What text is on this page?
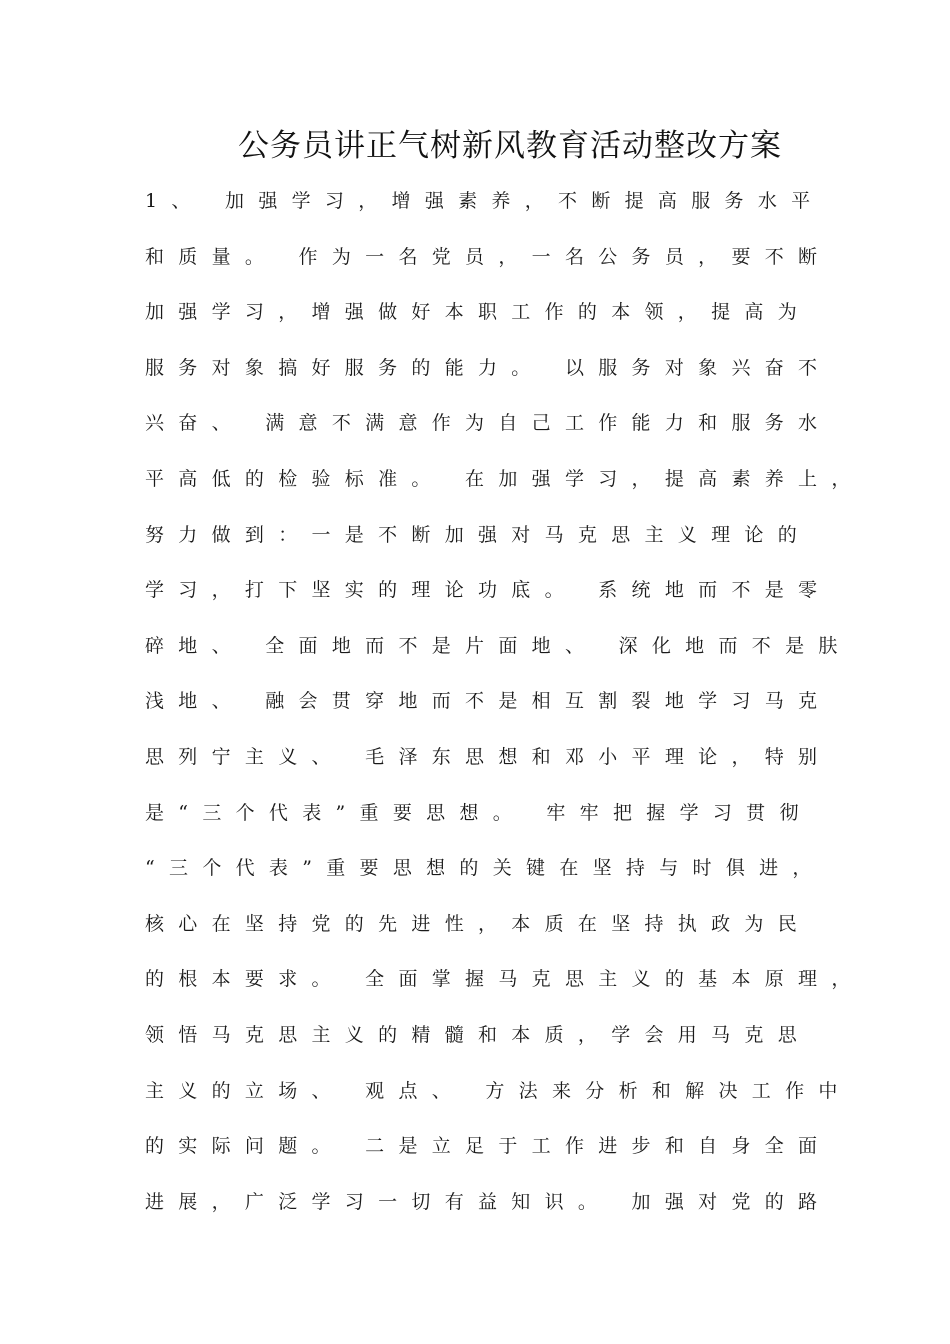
公务员讲正气树新风教育活动整改方案
1、 加强学习，增强素养，不断提高服务水平
和质量。 作为一名党员，一名公务员，要不断
加强学习，增强做好本职工作的本领，提高为
服务对象搞好服务的能力。 以服务对象兴奋不
兴奋、 满意不满意作为自己工作能力和服务水
平高低的检验标准。 在加强学习，提高素养上，
努力做到：一是不断加强对马克思主义理论的
学习，打下坚实的理论功底。 系统地而不是零
碎地、 全面地而不是片面地、 深化地而不是肤
浅地、 融会贯穿地而不是相互割裂地学习马克
思列宁主义、 毛泽东思想和邓小平理论，特别
是“三个代表”重要思想。 牢牢把握学习贯彻
“三个代表”重要思想的关键在坚持与时俱进，
核心在坚持党的先进性，本质在坚持执政为民
的根本要求。 全面掌握马克思主义的基本原理，
领悟马克思主义的精髓和本质，学会用马克思
主义的立场、 观点、 方法来分析和解决工作中
的实际问题。 二是立足于工作进步和自身全面
进展，广泛学习一切有益知识。 加强对党的路
